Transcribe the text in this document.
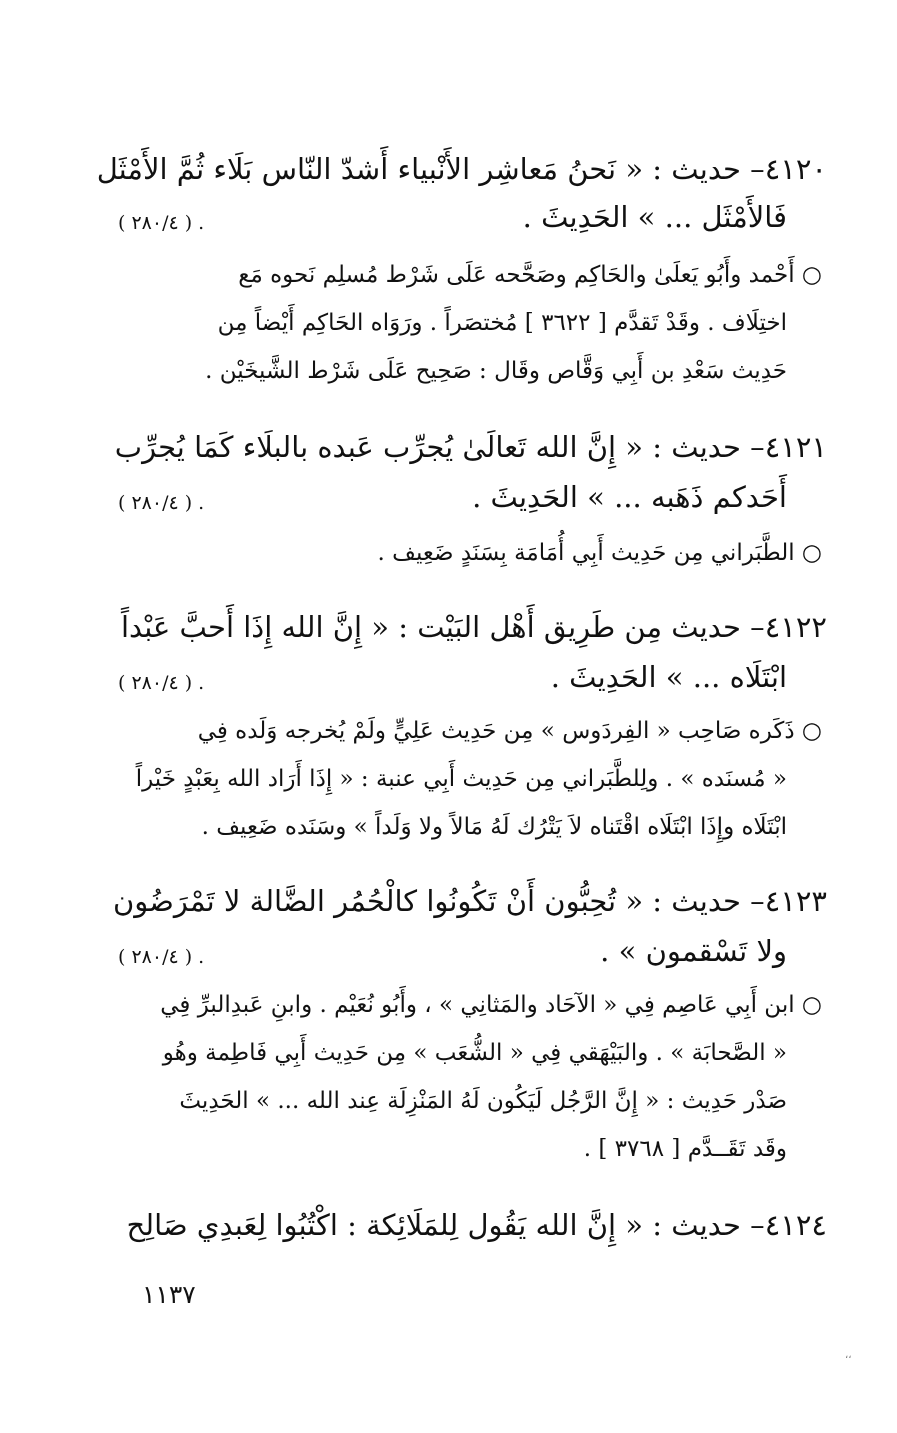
٤١٢٠– حديث : « نَحنُ مَعاشِر الأَنْبياء أَشدّ النّاس بَلَاء ثُمَّ الأَمْثَل
فَالأَمْثَل ... » الحَدِيثَ .
( ٢٨٠/٤ ) .
○ أَحْمد وأَبُو يَعلَىٰ والحَاكِم وصَحَّحه عَلَى شَرْط مُسلِم نَحوه مَع
اختِلَاف . وقَدْ تَقدَّم [ ٣٦٢٢ ] مُختصَراً . ورَوَاه الحَاكِم أَيْضاً مِن
حَدِيث سَعْدِ بن أَبِي وَقَّاص وقَال : صَحِيح عَلَى شَرْط الشَّيخَيْن .
٤١٢١– حديث : « إِنَّ الله تَعالَىٰ يُجرِّب عَبده بالبلَاء كَمَا يُجرِّب
أَحَدكم ذَهَبه ... » الحَدِيثَ .
( ٢٨٠/٤ ) .
○ الطَّبَراني مِن حَدِيث أَبِي أُمَامَة بِسَنَدٍ ضَعِيف .
٤١٢٢– حديث مِن طَرِيق أَهْل البَيْت : « إِنَّ الله إِذَا أَحبَّ عَبْداً
ابْتَلَاه ... » الحَدِيثَ .
( ٢٨٠/٤ ) .
○ ذَكَره صَاحِب « الفِردَوس » مِن حَدِيث عَلِيٍّ ولَمْ يُخرجه وَلَده فِي
« مُسنَده » . ولِلطَّبَراني مِن حَدِيث أَبِي عنبة : « إِذَا أَرَاد الله بِعَبْدٍ خَيْراً
ابْتَلَاه وإِذَا ابْتَلَاه اقْتَناه لاَ يَتْرُك لَهُ مَالاً ولا وَلَداً » وسَنَده ضَعِيف .
٤١٢٣– حديث : « تُحِبُّون أَنْ تَكُونُوا كالْحُمُر الضَّالة لا تَمْرَضُون
ولا تَسْقمون » .
( ٢٨٠/٤ ) .
○ ابن أَبِي عَاصِم فِي « الآحَاد والمَثانِي » ، وأَبُو نُعَيْم . وابنِ عَبدِالبرِّ فِي
« الصَّحابَة » . والبَيْهَقي فِي « الشُّعَب » مِن حَدِيث أَبِي فَاطِمة وهُو
صَدْر حَدِيث : « إِنَّ الرَّجُل لَيَكُون لَهُ المَنْزِلَة عِند الله ... » الحَدِيثَ
وقَد تَقَــدَّم [ ٣٧٦٨ ] .
٤١٢٤– حديث : « إِنَّ الله يَقُول لِلمَلَائِكة : اكْتُبُوا لِعَبدِي صَالِح
١١٣٧
،،
